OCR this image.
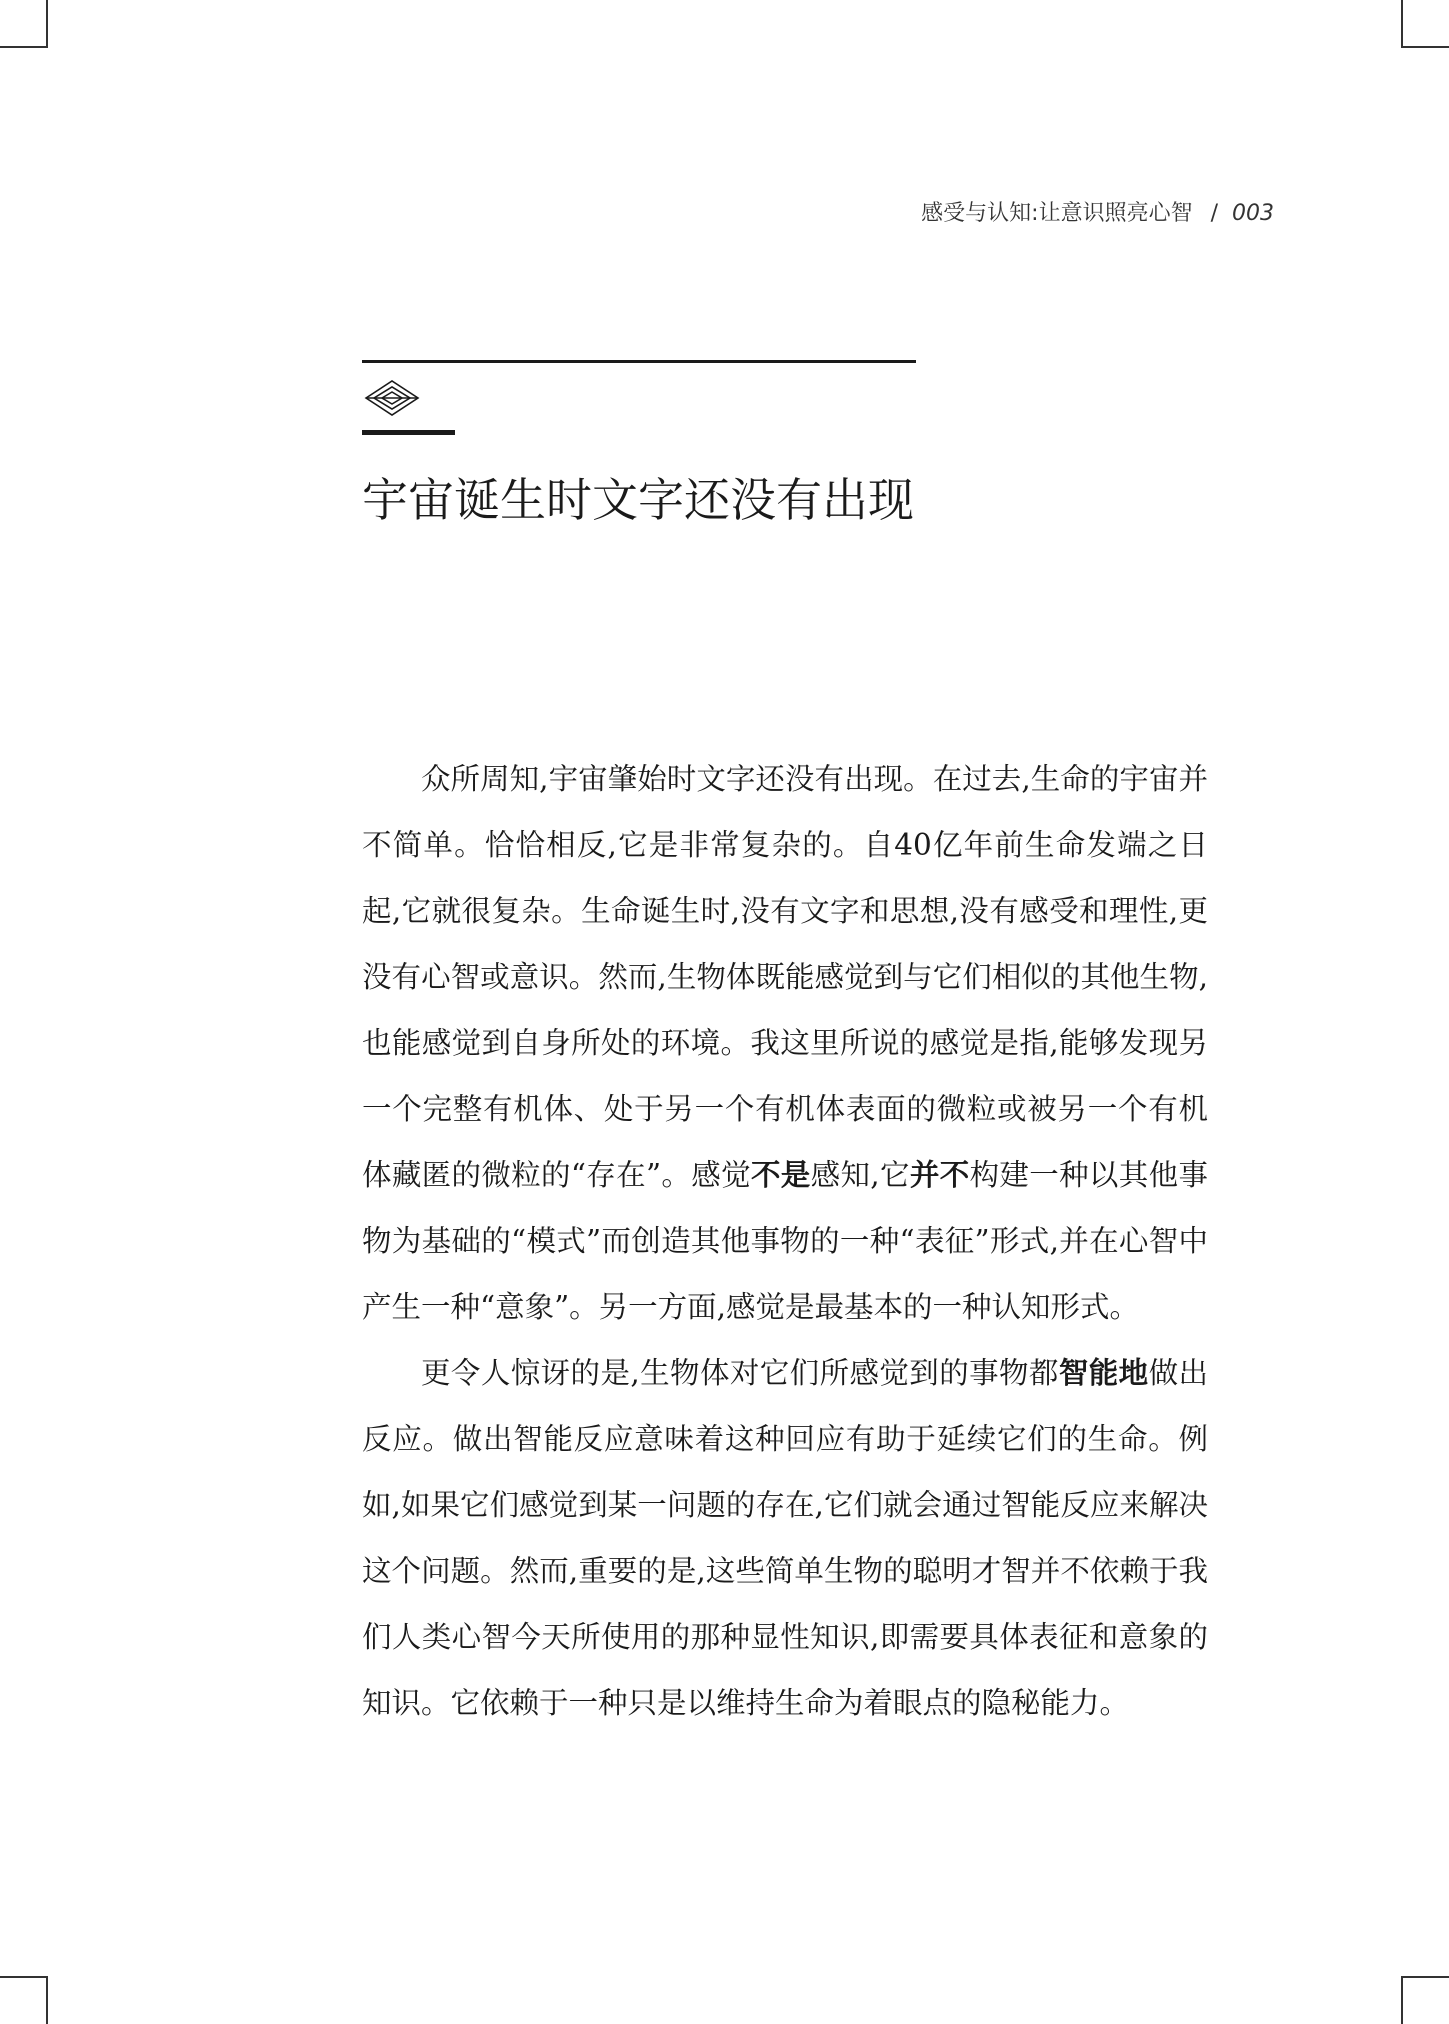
感受与认知:让意识照亮心智 / 003
宇宙诞生时文字还没有出现

众所周知,宇宙肇始时文字还没有出现。在过去,生命的宇宙并不简单。恰恰相反,它是非常复杂的。自40亿年前生命发端之日起,它就很复杂。生命诞生时,没有文字和思想,没有感受和理性,更没有心智或意识。然而,生物体既能感觉到与它们相似的其他生物,也能感觉到自身所处的环境。我这里所说的感觉是指,能够发现另一个完整有机体、处于另一个有机体表面的微粒或被另一个有机体藏匿的微粒的“存在”。感觉不是感知,它并不构建一种以其他事物为基础的“模式”而创造其他事物的一种“表征”形式,并在心智中产生一种“意象”。另一方面,感觉是最基本的一种认知形式。

更令人惊讶的是,生物体对它们所感觉到的事物都智能地做出反应。做出智能反应意味着这种回应有助于延续它们的生命。例如,如果它们感觉到某一问题的存在,它们就会通过智能反应来解决这个问题。然而,重要的是,这些简单生物的聪明才智并不依赖于我们人类心智今天所使用的那种显性知识,即需要具体表征和意象的知识。它依赖于一种只是以维持生命为着眼点的隐秘能力。
